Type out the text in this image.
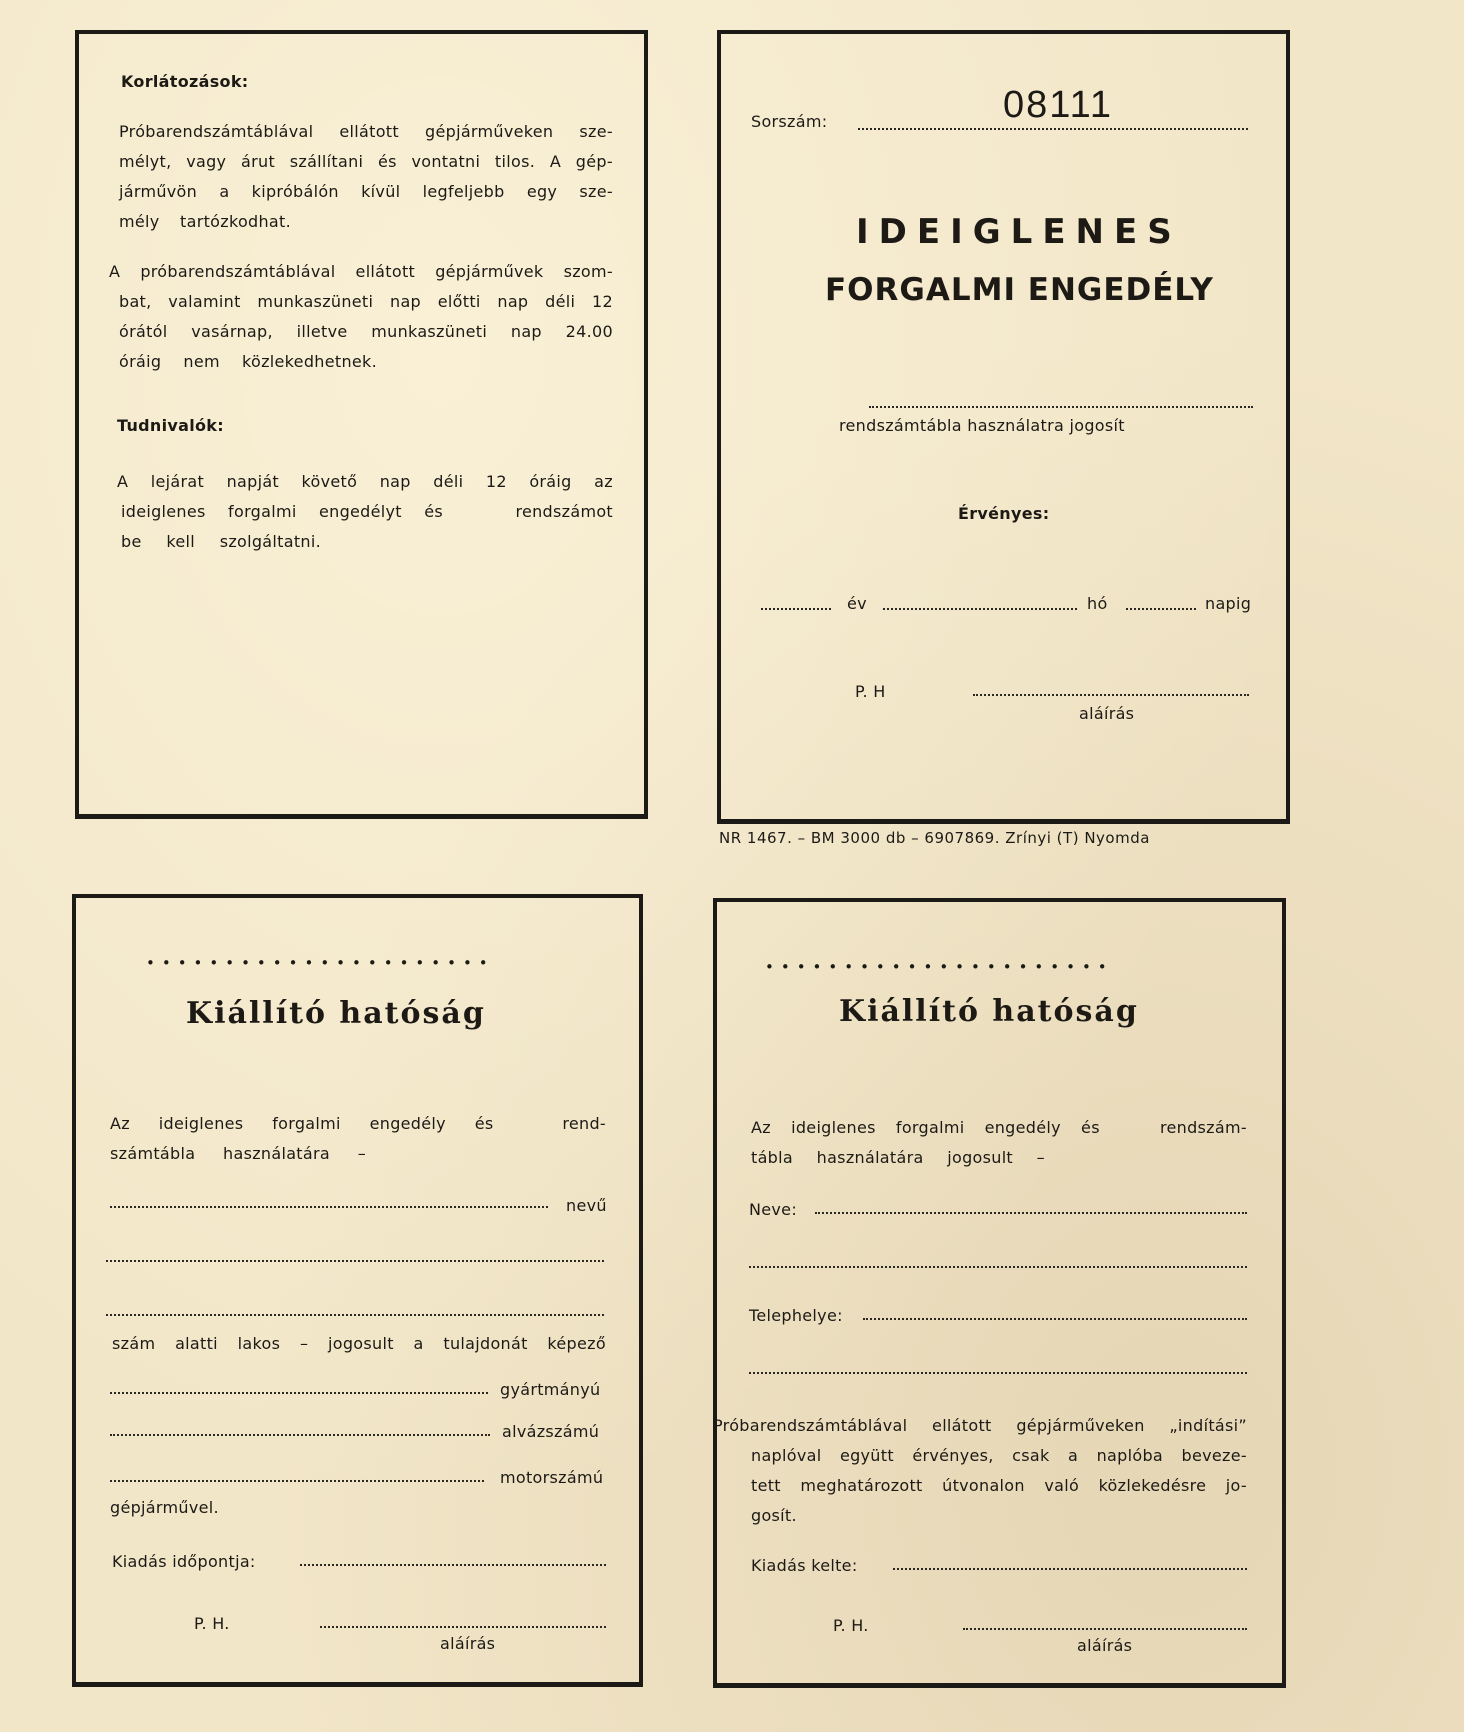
Korlátozások:
Próbarendszámtáblával ellátott gépjárműveken sze-
mélyt, vagy árut szállítani és vontatni tilos. A gép-
járművön a kipróbálón kívül legfeljebb egy sze-
mély tartózkodhat.
A próbarendszámtáblával ellátott gépjárművek szom-
bat, valamint munkaszüneti nap előtti nap déli 12
órától vasárnap, illetve munkaszüneti nap 24.00
óráig nem közlekedhetnek.
Tudnivalók:
A lejárat napját követő nap déli 12 óráig az
ideiglenes forgalmi engedélyt és	rendszámot
be kell szolgáltatni.
Sorszám:	08111
IDEIGLENES
FORGALMI ENGEDÉLY
rendszámtábla használatra jogosít
Érvényes:
év	hó	napig
P. H
aláírás
NR 1467. – BM 3000 db – 6907869. Zrínyi (T) Nyomda
••••••••••••••••••••••
Kiállító hatóság
Az ideiglenes forgalmi engedély és	rend-
számtábla használatára –
nevű
szám alatti lakos – jogosult a tulajdonát képező
gyártmányú
alvázszámú
motorszámú
gépjárművel.
Kiadás időpontja:
P. H.
aláírás
••••••••••••••••••••••
Kiállító hatóság
Az ideiglenes forgalmi engedély és	rendszám-
tábla használatára jogosult –
Neve:
Telephelye:
Próbarendszámtáblával ellátott gépjárműveken „indítási”
naplóval együtt érvényes, csak a naplóba beveze-
tett meghatározott útvonalon való közlekedésre jo-
gosít.
Kiadás kelte:
P. H.
aláírás
